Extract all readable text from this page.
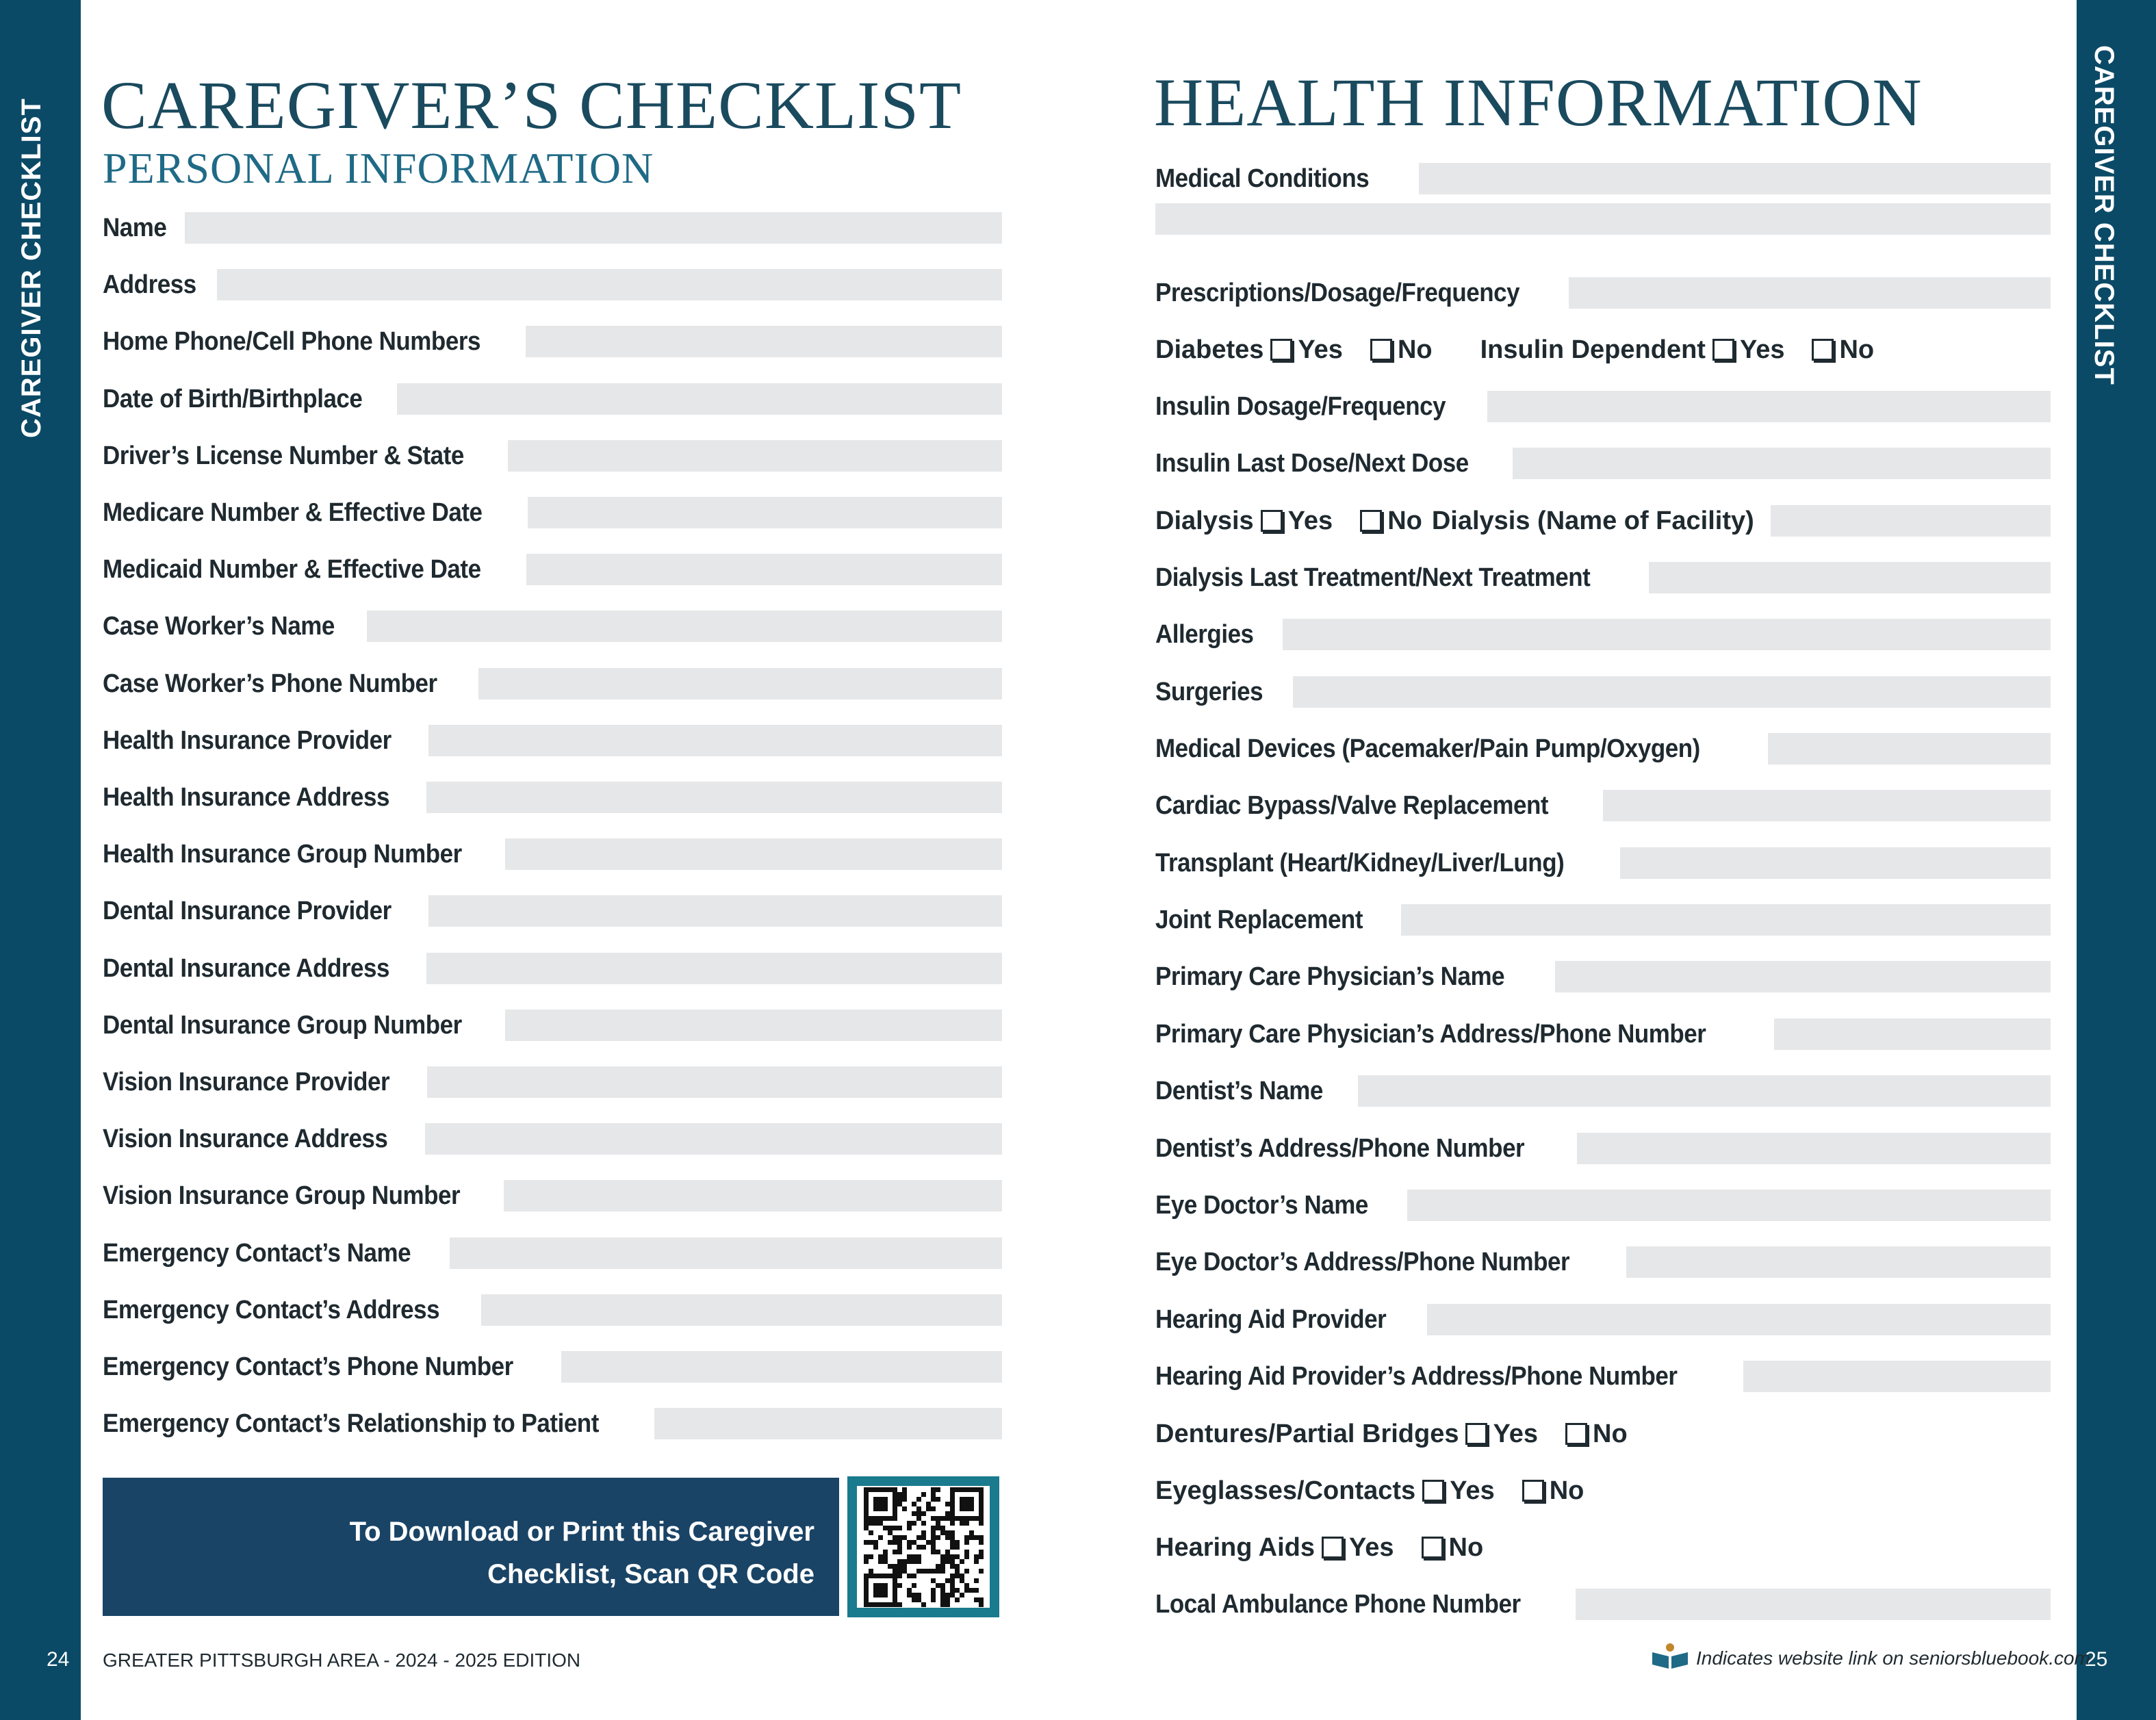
CAREGIVER CHECKLIST	CAREGIVER CHECKLIST
24	25
CAREGIVER’S CHECKLIST
PERSONAL INFORMATION
Name
Address
Home Phone/Cell Phone Numbers
Date of Birth/Birthplace
Driver’s License Number & State
Medicare Number & Effective Date
Medicaid Number & Effective Date
Case Worker’s Name
Case Worker’s Phone Number
Health Insurance Provider
Health Insurance Address
Health Insurance Group Number
Dental Insurance Provider
Dental Insurance Address
Dental Insurance Group Number
Vision Insurance Provider
Vision Insurance Address
Vision Insurance Group Number
Emergency Contact’s Name
Emergency Contact’s Address
Emergency Contact’s Phone Number
Emergency Contact’s Relationship to Patient
To Download or Print this Caregiver
Checklist, Scan QR Code
HEALTH INFORMATION
Medical Conditions
Prescriptions/Dosage/Frequency
Diabetes Yes No Insulin Dependent Yes No
Insulin Dosage/Frequency
Insulin Last Dose/Next Dose
Dialysis Yes No Dialysis (Name of Facility)
Dialysis Last Treatment/Next Treatment
Allergies
Surgeries
Medical Devices (Pacemaker/Pain Pump/Oxygen)
Cardiac Bypass/Valve Replacement
Transplant (Heart/Kidney/Liver/Lung)
Joint Replacement
Primary Care Physician’s Name
Primary Care Physician’s Address/Phone Number
Dentist’s Name
Dentist’s Address/Phone Number
Eye Doctor’s Name
Eye Doctor’s Address/Phone Number
Hearing Aid Provider
Hearing Aid Provider’s Address/Phone Number
Dentures/Partial Bridges Yes No
Eyeglasses/Contacts Yes No
Hearing Aids Yes No
Local Ambulance Phone Number
GREATER PITTSBURGH AREA - 2024 - 2025 EDITION	Indicates website link on seniorsbluebook.com
